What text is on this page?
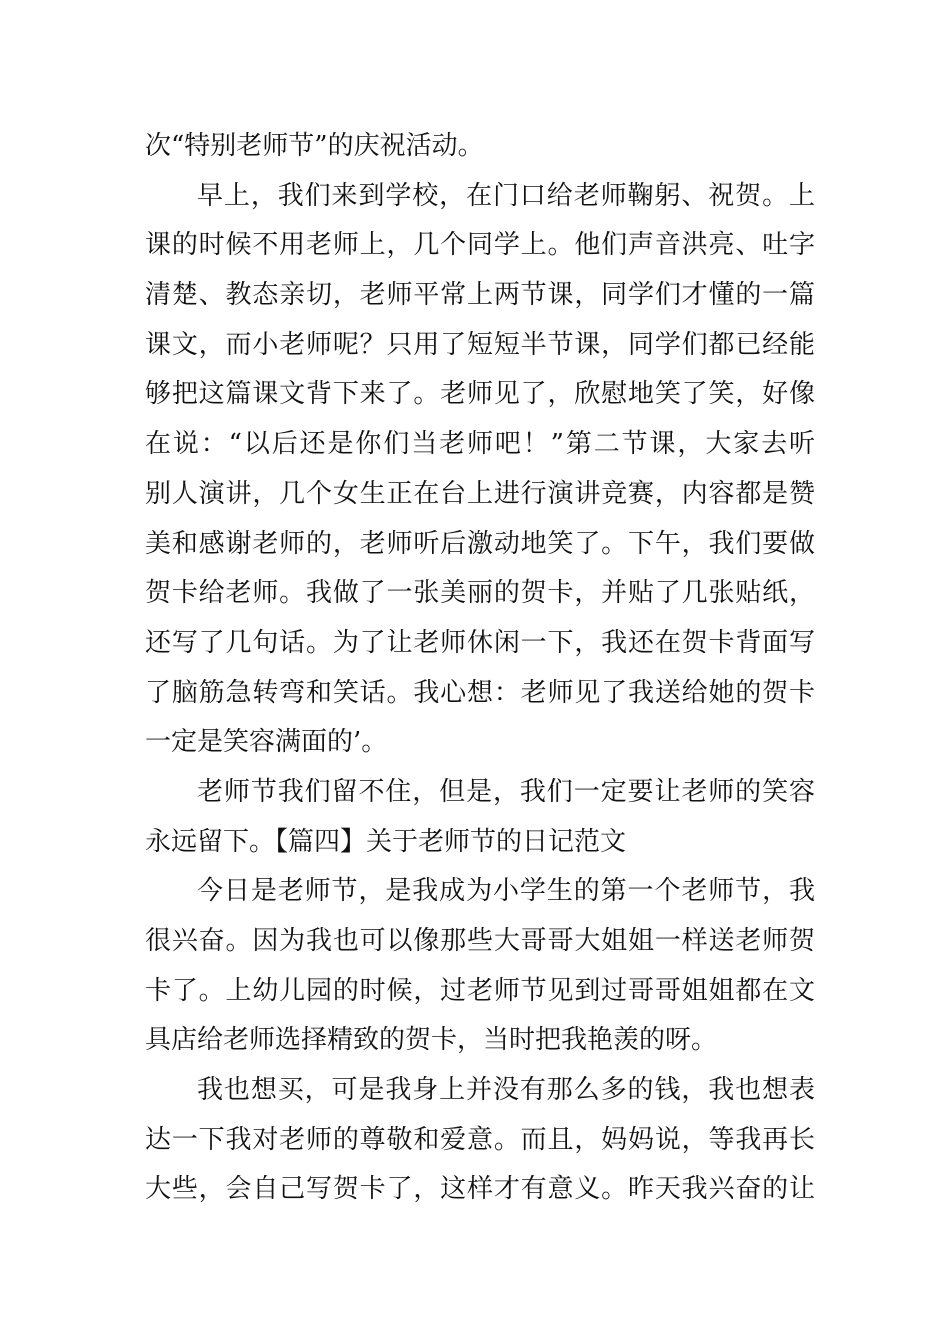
次“特别老师节”的庆祝活动。
早上，我们来到学校，在门口给老师鞠躬、祝贺。上
课的时候不用老师上，几个同学上。他们声音洪亮、吐字
清楚、教态亲切，老师平常上两节课，同学们才懂的一篇
课文，而小老师呢？只用了短短半节课，同学们都已经能
够把这篇课文背下来了。老师见了，欣慰地笑了笑，好像
在说：“以后还是你们当老师吧！”第二节课，大家去听
别人演讲，几个女生正在台上进行演讲竞赛，内容都是赞
美和感谢老师的，老师听后激动地笑了。下午，我们要做
贺卡给老师。我做了一张美丽的贺卡，并贴了几张贴纸，
还写了几句话。为了让老师休闲一下，我还在贺卡背面写
了脑筋急转弯和笑话。我心想：老师见了我送给她的贺卡
一定是笑容满面的’。
老师节我们留不住，但是，我们一定要让老师的笑容
永远留下。【篇四】关于老师节的日记范文
今日是老师节，是我成为小学生的第一个老师节，我
很兴奋。因为我也可以像那些大哥哥大姐姐一样送老师贺
卡了。上幼儿园的时候，过老师节见到过哥哥姐姐都在文
具店给老师选择精致的贺卡，当时把我艳羡的呀。
我也想买，可是我身上并没有那么多的钱，我也想表
达一下我对老师的尊敬和爱意。而且，妈妈说，等我再长
大些，会自己写贺卡了，这样才有意义。昨天我兴奋的让
